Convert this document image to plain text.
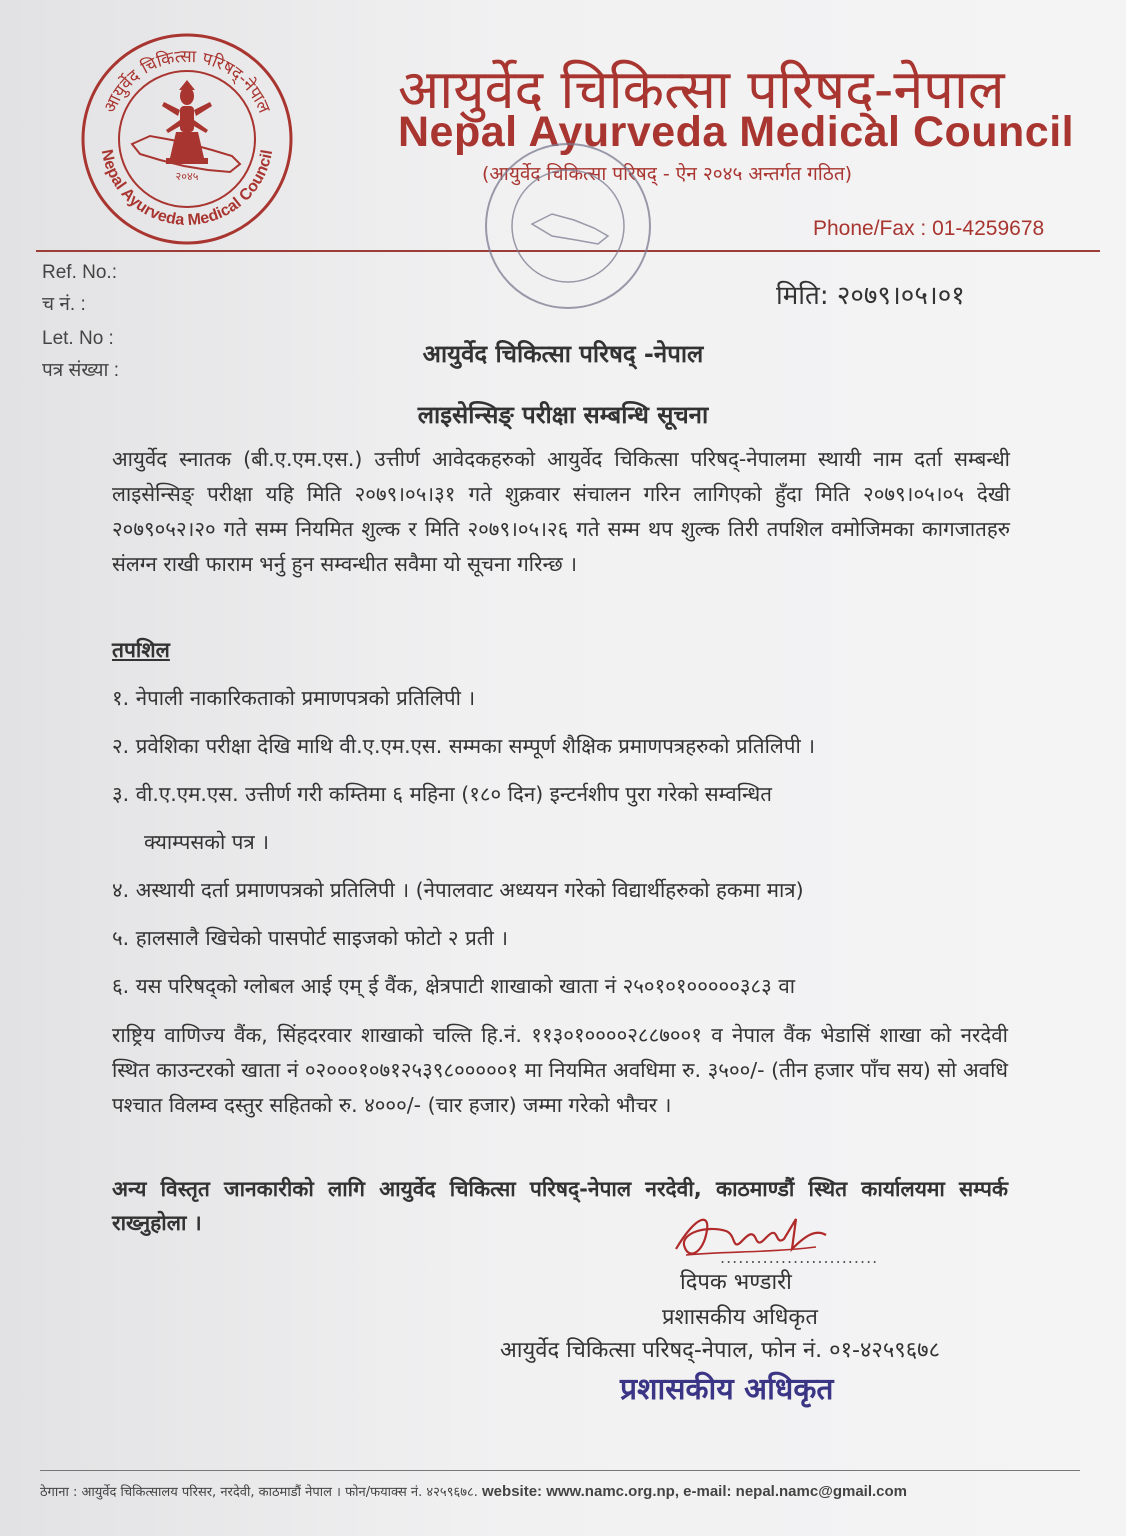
आयुर्वेद चिकित्सा परिषद्-नेपाल
Nepal Ayurveda Medical Council
२०४५
आयुर्वेद चिकित्सा परिषद्-नेपाल
Nepal Ayurveda Medical Council
(आयुर्वेद चिकित्सा परिषद् - ऐन २०४५ अन्तर्गत गठित)
Phone/Fax : 01-4259678
Ref. No.:
च नं. :
Let. No :
पत्र संख्या :
मिति: २०७९।०५।०१
आयुर्वेद चिकित्सा परिषद् -नेपाल
लाइसेन्सिङ् परीक्षा सम्बन्धि सूचना
आयुर्वेद स्नातक (बी.ए.एम.एस.) उत्तीर्ण आवेदकहरुको आयुर्वेद चिकित्सा परिषद्-नेपालमा स्थायी नाम दर्ता सम्बन्धी लाइसेन्सिङ् परीक्षा यहि मिति २०७९।०५।३१ गते शुक्रवार संचालन गरिन लागिएको हुँदा मिति २०७९।०५।०५ देखी २०७९०५२।२० गते सम्म नियमित शुल्क र मिति २०७९।०५।२६ गते सम्म थप शुल्क तिरी तपशिल वमोजिमका कागजातहरु संलग्न राखी फाराम भर्नु हुन सम्वन्धीत सवैमा यो सूचना गरिन्छ ।
तपशिल
१. नेपाली नाकारिकताको प्रमाणपत्रको प्रतिलिपी ।
२. प्रवेशिका परीक्षा देखि माथि वी.ए.एम.एस. सम्मका सम्पूर्ण शैक्षिक प्रमाणपत्रहरुको प्रतिलिपी ।
३. वी.ए.एम.एस. उत्तीर्ण गरी कम्तिमा ६ महिना (१८० दिन) इन्टर्नशीप पुरा गरेको सम्वन्धित
क्याम्पसको पत्र ।
४. अस्थायी दर्ता प्रमाणपत्रको प्रतिलिपी । (नेपालवाट अध्ययन गरेको विद्यार्थीहरुको हकमा मात्र)
५. हालसालै खिचेको पासपोर्ट साइजको फोटो २ प्रती ।
६. यस परिषद्को ग्लोबल आई एम् ई वैंक, क्षेत्रपाटी शाखाको खाता नं २५०१०१०००००३८३ वा
राष्ट्रिय वाणिज्य वैंक, सिंहदरवार शाखाको चल्ति हि.नं. ११३०१००००२८८७००१ व नेपाल वैंक भेडासिं शाखा को नरदेवी स्थित काउन्टरको खाता नं ०२०००१०७१२५३९८०००००१ मा नियमित अवधिमा रु. ३५००/- (तीन हजार पाँच सय) सो अवधि पश्चात विलम्व दस्तुर सहितको रु. ४०००/- (चार हजार) जम्मा गरेको भौचर ।
अन्य विस्तृत जानकारीको लागि आयुर्वेद चिकित्सा परिषद्-नेपाल नरदेवी, काठमाण्डौं स्थित कार्यालयमा सम्पर्क राख्नुहोला ।
..........................
दिपक भण्डारी
प्रशासकीय अधिकृत
आयुर्वेद चिकित्सा परिषद्-नेपाल, फोन नं. ०१-४२५९६७८
प्रशासकीय अधिकृत
ठेगाना : आयुर्वेद चिकित्सालय परिसर, नरदेवी, काठमाडौं नेपाल । फोन/फयाक्स नं. ४२५९६७८. website: www.namc.org.np, e-mail: nepal.namc@gmail.com
